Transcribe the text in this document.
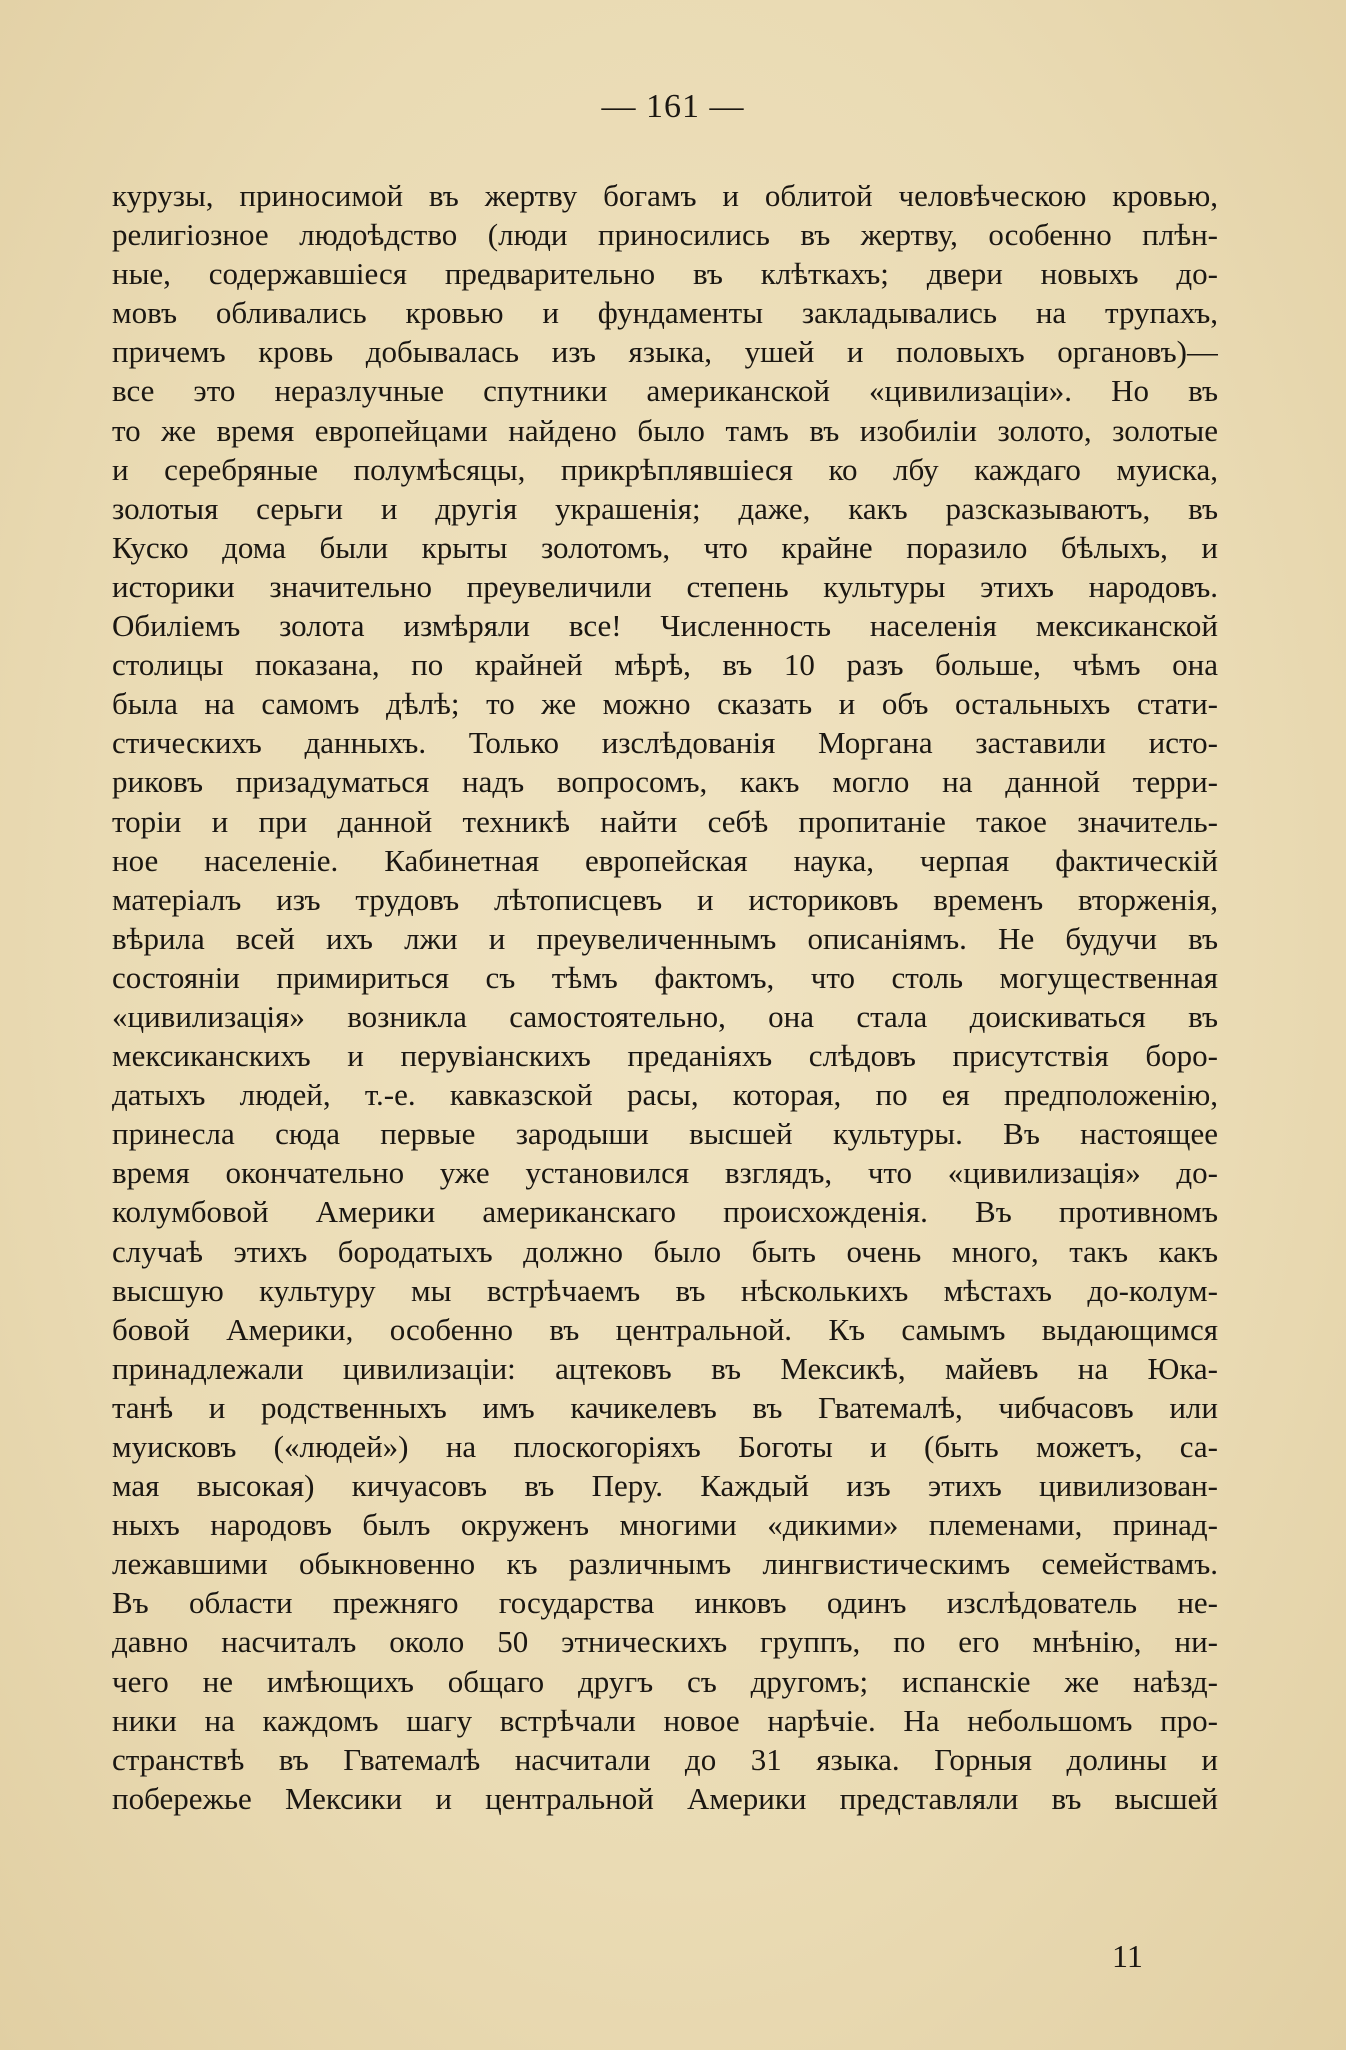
— 161 —
курузы, приносимой въ жертву богамъ и облитой человѣческою кровью,
религiозное людоѣдство (люди приносились въ жертву, особенно плѣн-
ные, содержавшiеся предварительно въ клѣткахъ; двери новыхъ до-
мовъ обливались кровью и фундаменты закладывались на трупахъ,
причемъ кровь добывалась изъ языка, ушей и половыхъ органовъ)—
все это неразлучные спутники американской «цивилизацiи». Но въ
то же время европейцами найдено было тамъ въ изобилiи золото, золотые
и серебряные полумѣсяцы, прикрѣплявшiеся ко лбу каждаго муиска,
золотыя серьги и другiя украшенiя; даже, какъ разсказываютъ, въ
Куско дома были крыты золотомъ, что крайне поразило бѣлыхъ, и
историки значительно преувеличили степень культуры этихъ народовъ.
Обилiемъ золота измѣряли все! Численность населенiя мексиканской
столицы показана, по крайней мѣрѣ, въ 10 разъ больше, чѣмъ она
была на самомъ дѣлѣ; то же можно сказать и объ остальныхъ стати-
стическихъ данныхъ. Только изслѣдованiя Моргана заставили исто-
риковъ призадуматься надъ вопросомъ, какъ могло на данной терри-
торiи и при данной техникѣ найти себѣ пропитанiе такое значитель-
ное населенiе. Кабинетная европейская наука, черпая фактическiй
матерiалъ изъ трудовъ лѣтописцевъ и историковъ временъ вторженiя,
вѣрила всей ихъ лжи и преувеличеннымъ описанiямъ. Не будучи въ
состоянiи примириться съ тѣмъ фактомъ, что столь могущественная
«цивилизацiя» возникла самостоятельно, она стала доискиваться въ
мексиканскихъ и перувiанскихъ преданiяхъ слѣдовъ присутствiя боро-
датыхъ людей, т.-е. кавказской расы, которая, по ея предположенiю,
принесла сюда первые зародыши высшей культуры. Въ настоящее
время окончательно уже установился взглядъ, что «цивилизацiя» до-
колумбовой Америки американскаго происхожденiя. Въ противномъ
случаѣ этихъ бородатыхъ должно было быть очень много, такъ какъ
высшую культуру мы встрѣчаемъ въ нѣсколькихъ мѣстахъ до-колум-
бовой Америки, особенно въ центральной. Къ самымъ выдающимся
принадлежали цивилизацiи: ацтековъ въ Мексикѣ, майевъ на Юка-
танѣ и родственныхъ имъ качикелевъ въ Гватемалѣ, чибчасовъ или
муисковъ («людей») на плоскогорiяхъ Боготы и (быть можетъ, са-
мая высокая) кичуасовъ въ Перу. Каждый изъ этихъ цивилизован-
ныхъ народовъ былъ окруженъ многими «дикими» племенами, принад-
лежавшими обыкновенно къ различнымъ лингвистическимъ семействамъ.
Въ области прежняго государства инковъ одинъ изслѣдователь не-
давно насчиталъ около 50 этническихъ группъ, по его мнѣнiю, ни-
чего не имѣющихъ общаго другъ съ другомъ; испанскiе же наѣзд-
ники на каждомъ шагу встрѣчали новое нарѣчiе. На небольшомъ про-
странствѣ въ Гватемалѣ насчитали до 31 языка. Горныя долины и
побережье Мексики и центральной Америки представляли въ высшей
11
